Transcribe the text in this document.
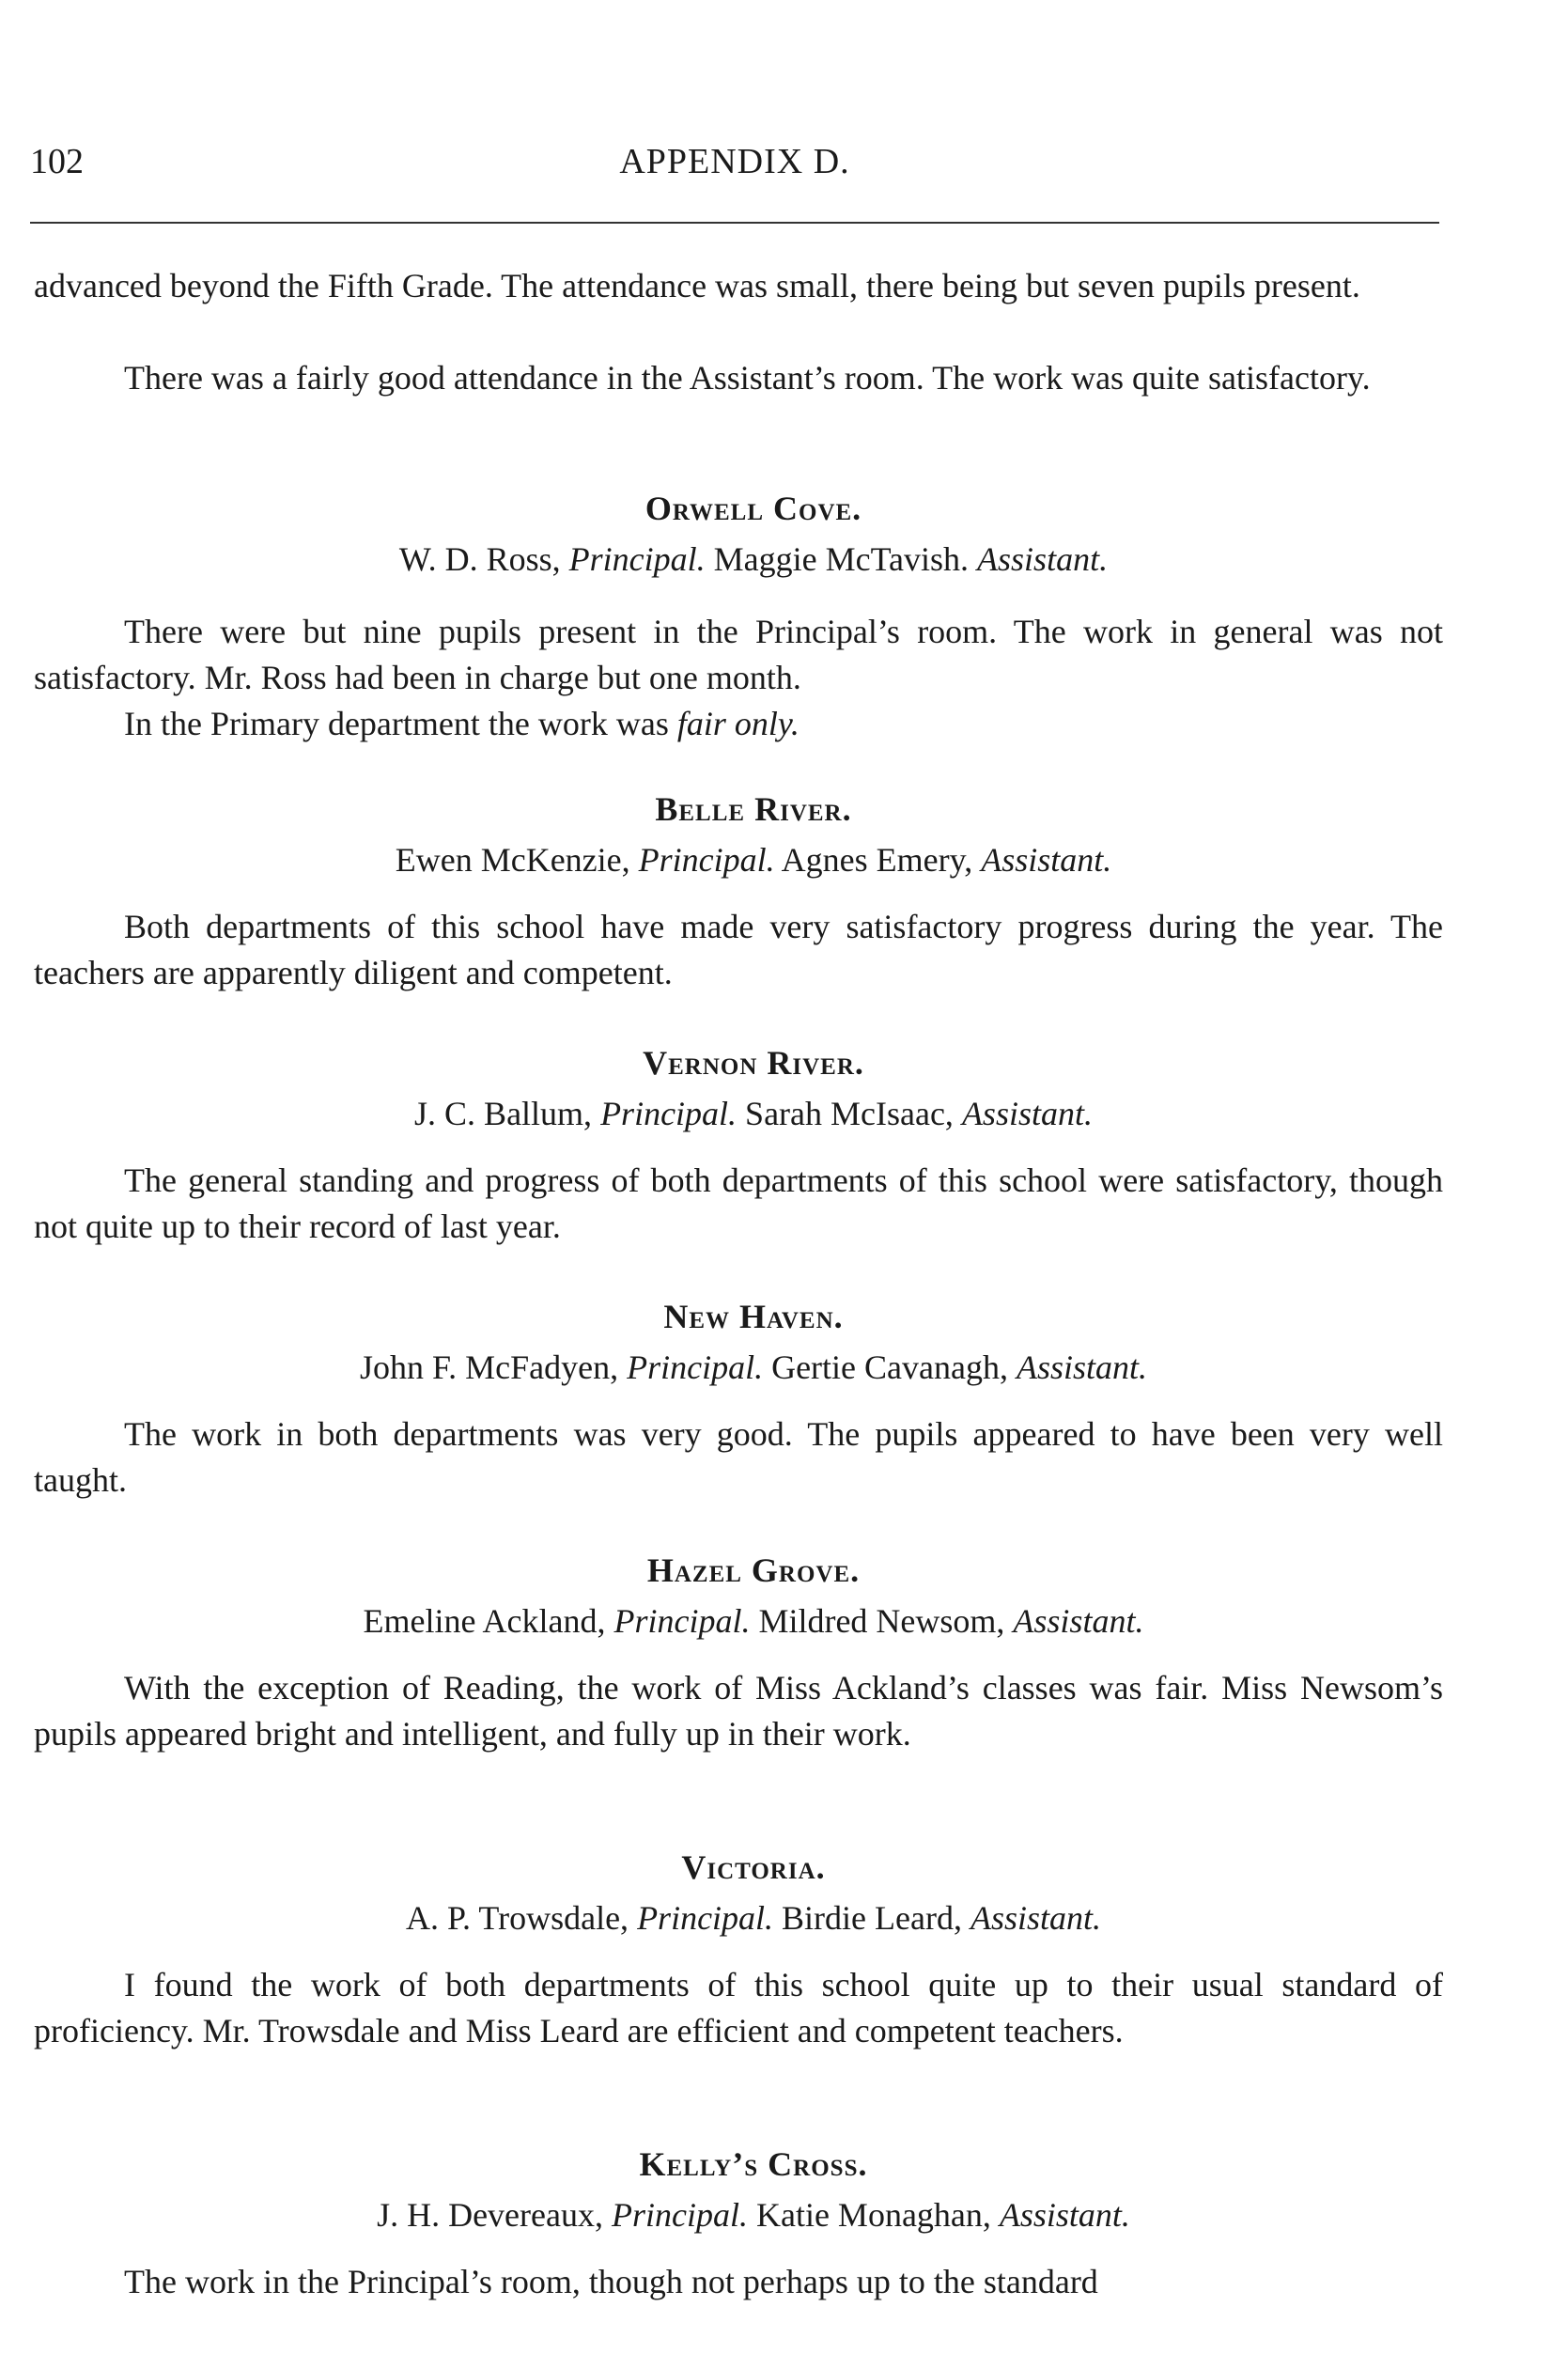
102	APPENDIX D.

advanced beyond the Fifth Grade. The attendance was small, there being but seven pupils present.

There was a fairly good attendance in the Assistant’s room. The work was quite satisfactory.

Orwell Cove.

W. D. Ross, Principal. Maggie McTavish. Assistant.

There were but nine pupils present in the Principal’s room. The work in general was not satisfactory. Mr. Ross had been in charge but one month.

In the Primary department the work was fair only.

Belle River.

Ewen McKenzie, Principal. Agnes Emery, Assistant.

Both departments of this school have made very satisfactory progress during the year. The teachers are apparently diligent and competent.

Vernon River.

J. C. Ballum, Principal. Sarah McIsaac, Assistant.

The general standing and progress of both departments of this school were satisfactory, though not quite up to their record of last year.

New Haven.

John F. McFadyen, Principal. Gertie Cavanagh, Assistant.

The work in both departments was very good. The pupils appeared to have been very well taught.

Hazel Grove.

Emeline Ackland, Principal. Mildred Newsom, Assistant.

With the exception of Reading, the work of Miss Ackland’s classes was fair. Miss Newsom’s pupils appeared bright and intelligent, and fully up in their work.

Victoria.

A. P. Trowsdale, Principal. Birdie Leard, Assistant.

I found the work of both departments of this school quite up to their usual standard of proficiency. Mr. Trowsdale and Miss Leard are efficient and competent teachers.

Kelly’s Cross.

J. H. Devereaux, Principal. Katie Monaghan, Assistant.

The work in the Principal’s room, though not perhaps up to the standard
